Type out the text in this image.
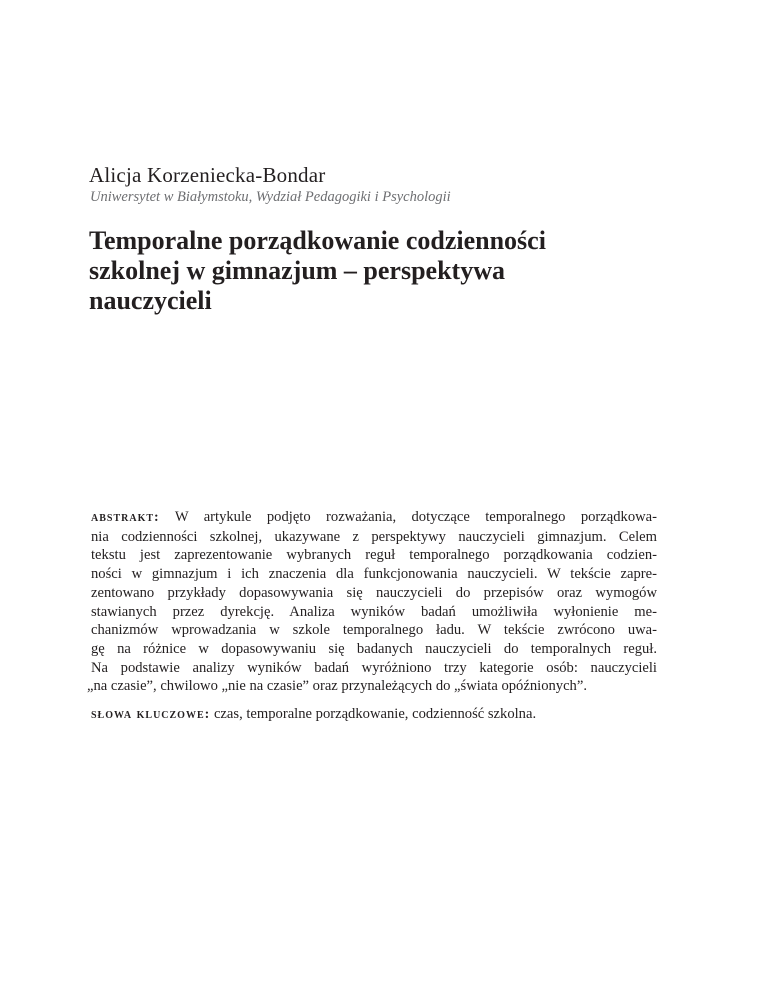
Alicja Korzeniecka-Bondar
Uniwersytet w Białymstoku, Wydział Pedagogiki i Psychologii
Temporalne porządkowanie codzienności
szkolnej w gimnazjum – perspektywa
nauczycieli
abstrakt: W artykule podjęto rozważania, dotyczące temporalnego porządkowa-
nia codzienności szkolnej, ukazywane z perspektywy nauczycieli gimnazjum. Celem
tekstu jest zaprezentowanie wybranych reguł temporalnego porządkowania codzien-
ności w gimnazjum i ich znaczenia dla funkcjonowania nauczycieli. W tekście zapre-
zentowano przykłady dopasowywania się nauczycieli do przepisów oraz wymogów
stawianych przez dyrekcję. Analiza wyników badań umożliwiła wyłonienie me-
chanizmów wprowadzania w szkole temporalnego ładu. W tekście zwrócono uwa-
gę na różnice w dopasowywaniu się badanych nauczycieli do temporalnych reguł.
Na podstawie analizy wyników badań wyróżniono trzy kategorie osób: nauczycieli
„na czasie”, chwilowo „nie na czasie” oraz przynależących do „świata opóźnionych”.
słowa kluczowe: czas, temporalne porządkowanie, codzienność szkolna.
